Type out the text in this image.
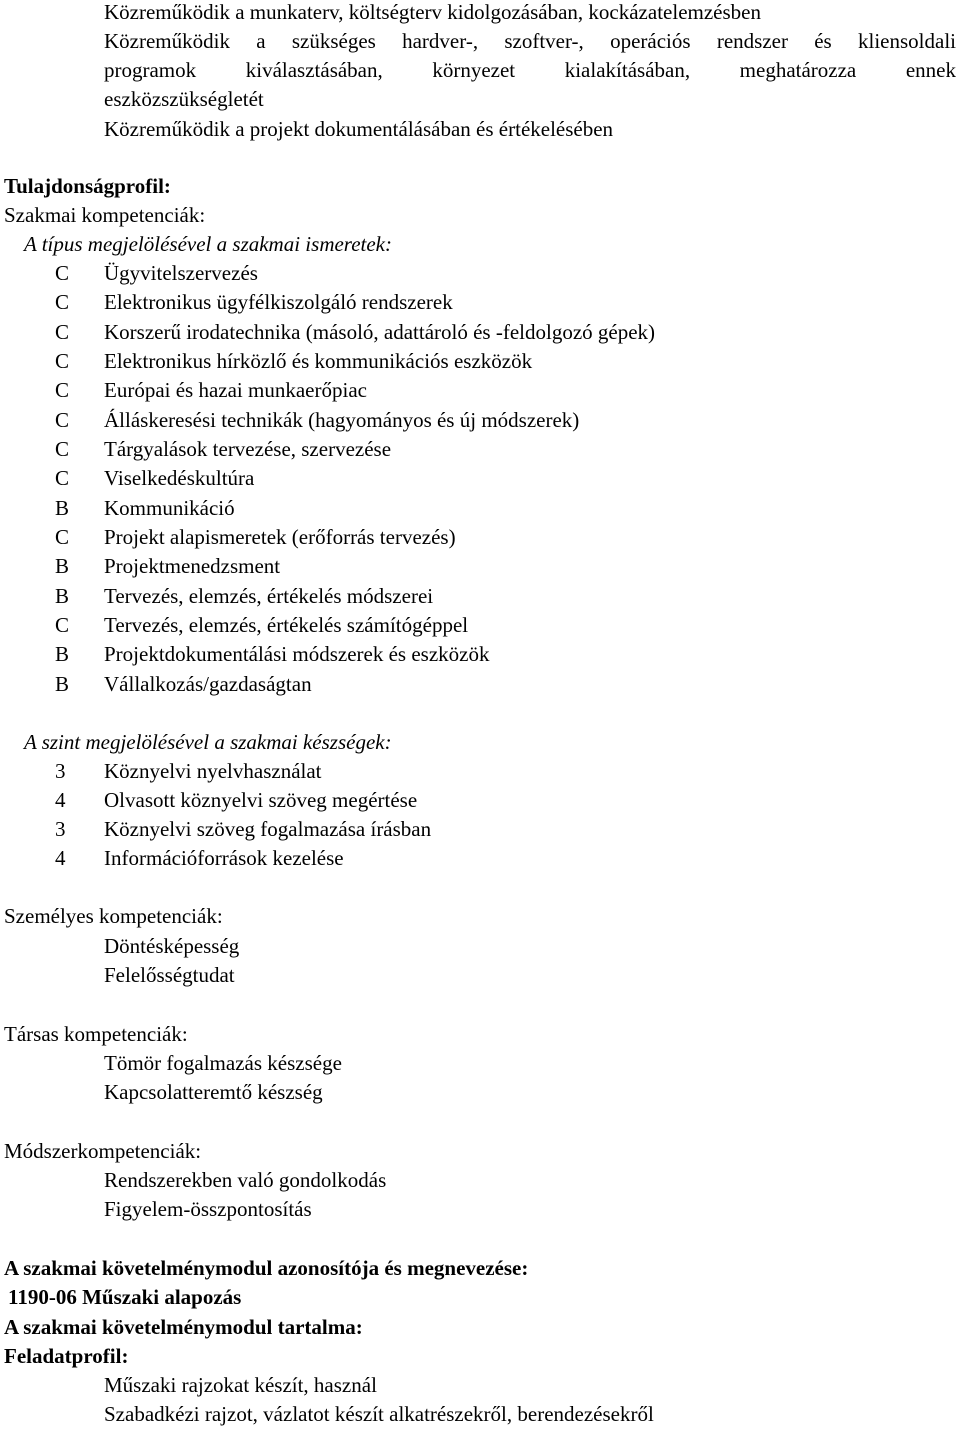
Közreműködik a munkaterv, költségterv kidolgozásában, kockázatelemzésben
Közreműködik a szükséges hardver-, szoftver-, operációs rendszer és kliensoldali
programok kiválasztásában, környezet kialakításában, meghatározza ennek
eszközszükségletét
Közreműködik a projekt dokumentálásában és értékelésében
Tulajdonságprofil:
Szakmai kompetenciák:
A típus megjelölésével a szakmai ismeretek:
C Ügyvitelszervezés
C Elektronikus ügyfélkiszolgáló rendszerek
C Korszerű irodatechnika (másoló, adattároló és -feldolgozó gépek)
C Elektronikus hírközlő és kommunikációs eszközök
C Európai és hazai munkaerőpiac
C Álláskeresési technikák (hagyományos és új módszerek)
C Tárgyalások tervezése, szervezése
C Viselkedéskultúra
B Kommunikáció
C Projekt alapismeretek (erőforrás tervezés)
B Projektmenedzsment
B Tervezés, elemzés, értékelés módszerei
C Tervezés, elemzés, értékelés számítógéppel
B Projektdokumentálási módszerek és eszközök
B Vállalkozás/gazdaságtan
A szint megjelölésével a szakmai készségek:
3	Köznyelvi nyelvhasználat
4	Olvasott köznyelvi szöveg megértése
3	Köznyelvi szöveg fogalmazása írásban
4	Információforrások kezelése
Személyes kompetenciák:
Döntésképesség
Felelősségtudat
Társas kompetenciák:
Tömör fogalmazás készsége
Kapcsolatteremtő készség
Módszerkompetenciák:
Rendszerekben való gondolkodás
Figyelem-összpontosítás
A szakmai követelménymodul azonosítója és megnevezése:
1190-06 Műszaki alapozás
A szakmai követelménymodul tartalma:
Feladatprofil:
Műszaki rajzokat készít, használ
Szabadkézi rajzot, vázlatot készít alkatrészekről, berendezésekről
